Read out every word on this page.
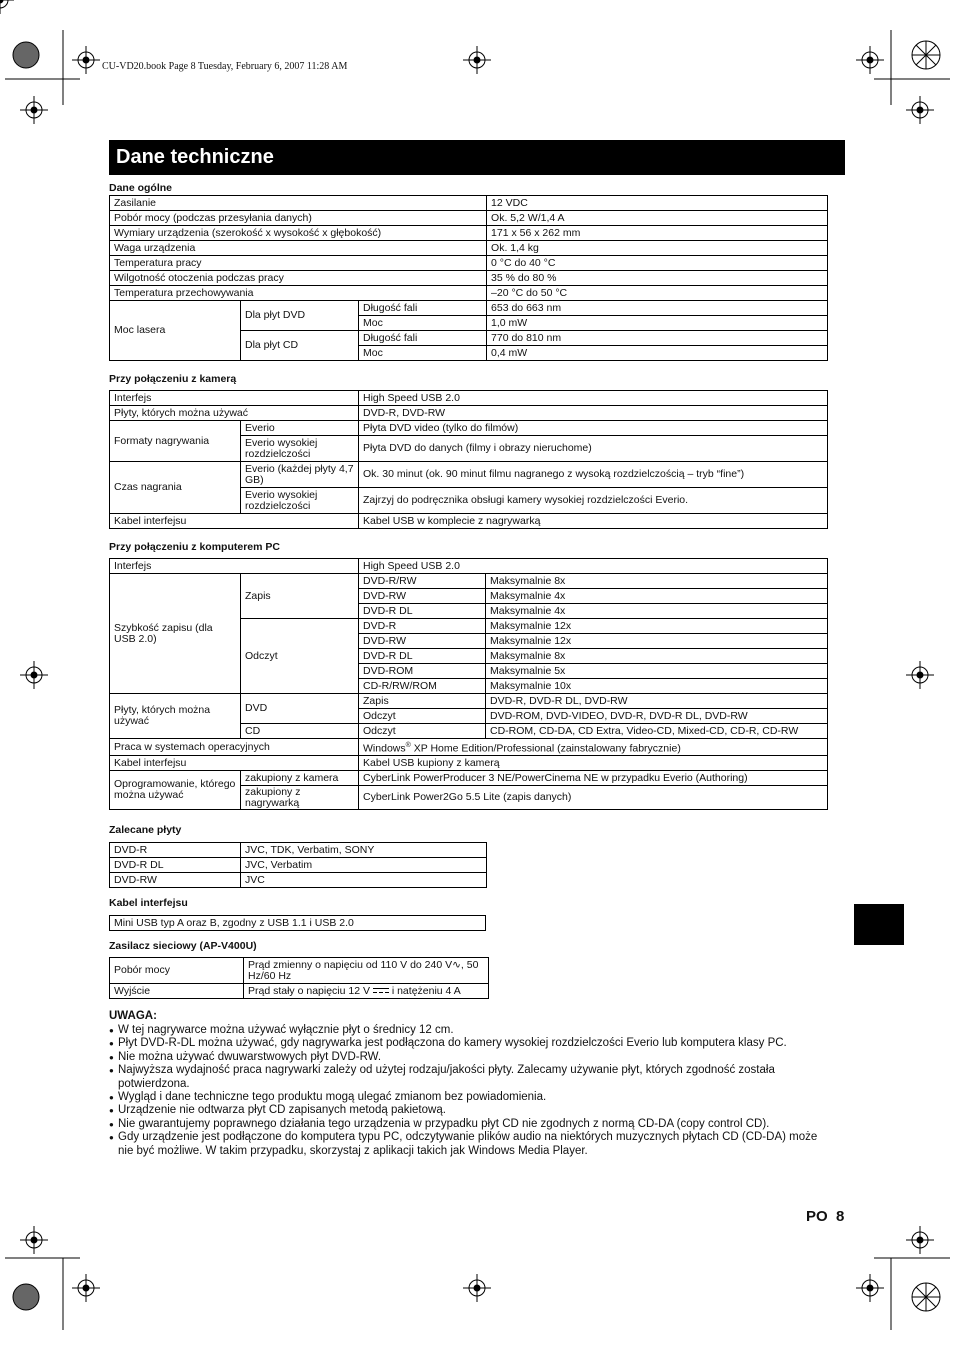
CU-VD20.book Page 8 Tuesday, February 6, 2007 11:28 AM
Dane techniczne
Dane ogólne
Zasilanie			12 VDC
Pobór mocy (podczas przesyłania danych)			Ok. 5,2 W/1,4 A
Wymiary urządzenia (szerokość x wysokość x głębokość)			171 x 56 x 262 mm
Waga urządzenia			Ok. 1,4 kg
Temperatura pracy			0 °C do 40 °C
Wilgotność otoczenia podczas pracy			35 % do 80 %
Temperatura przechowywania			–20 °C do 50 °C
Moc lasera	Dla płyt DVD	Długość fali	653 do 663 nm
		Moc	1,0 mW
	Dla płyt CD	Długość fali	770 do 810 nm
		Moc	0,4 mW
Przy połączeniu z kamerą
Interfejs		High Speed USB 2.0
Płyty, których można używać		DVD-R, DVD-RW
Formaty nagrywania	Everio	Płyta DVD video (tylko do filmów)
	Everio wysokiej rozdzielczości	Płyta DVD do danych (filmy i obrazy nieruchome)
Czas nagrania	Everio (każdej płyty 4,7 GB)	Ok. 30 minut (ok. 90 minut filmu nagranego z wysoką rozdzielczością – tryb “fine”)
	Everio wysokiej rozdzielczości	Zajrzyj do podręcznika obsługi kamery wysokiej rozdzielczości Everio.
Kabel interfejsu		Kabel USB w komplecie z nagrywarką
Przy połączeniu z komputerem PC
Interfejs		High Speed USB 2.0	
Szybkość zapisu (dla USB 2.0)	Zapis	DVD-R/RW	Maksymalnie 8x
		DVD-RW	Maksymalnie 4x
		DVD-R DL	Maksymalnie 4x
	Odczyt	DVD-R	Maksymalnie 12x
		DVD-RW	Maksymalnie 12x
		DVD-R DL	Maksymalnie 8x
		DVD-ROM	Maksymalnie 5x
		CD-R/RW/ROM	Maksymalnie 10x
Płyty, których można używać	DVD	Zapis	DVD-R, DVD-R DL, DVD-RW
		Odczyt	DVD-ROM, DVD-VIDEO, DVD-R, DVD-R DL, DVD-RW
	CD	Odczyt	CD-ROM, CD-DA, CD Extra, Video-CD, Mixed-CD, CD-R, CD-RW
Praca w systemach operacyjnych		Windows® XP Home Edition/Professional (zainstalowany fabrycznie)	
Kabel interfejsu		Kabel USB kupiony z kamerą	
Oprogramowanie, którego można używać	zakupiony z kamera	CyberLink PowerProducer 3 NE/PowerCinema NE w przypadku Everio (Authoring)	
	zakupiony z nagrywarką	CyberLink Power2Go 5.5 Lite (zapis danych)	
Zalecane płyty
DVD-R	JVC, TDK, Verbatim, SONY
DVD-R DL	JVC, Verbatim
DVD-RW	JVC
Kabel interfejsu
Mini USB typ A oraz B, zgodny z USB 1.1 i USB 2.0
Zasilacz sieciowy (AP-V400U)
Pobór mocy	Prąd zmienny o napięciu od 110 V do 240 V∿, 50 Hz/60 Hz
Wyjście	Prąd stały o napięciu 12 V i natężeniu 4 A
UWAGA:
● W tej nagrywarce można używać wyłącznie płyt o średnicy 12 cm.
● Płyt DVD-R-DL można używać, gdy nagrywarka jest podłączona do kamery wysokiej rozdzielczości Everio lub komputera klasy PC.
● Nie można używać dwuwarstwowych płyt DVD-RW.
● Najwyższa wydajność praca nagrywarki zależy od użytej rodzaju/jakości płyty. Zalecamy używanie płyt, których zgodność została potwierdzona.
● Wygląd i dane techniczne tego produktu mogą ulegać zmianom bez powiadomienia.
● Urządzenie nie odtwarza płyt CD zapisanych metodą pakietową.
● Nie gwarantujemy poprawnego działania tego urządzenia w przypadku płyt CD nie zgodnych z normą CD-DA (copy control CD).
● Gdy urządzenie jest podłączone do komputera typu PC, odczytywanie plików audio na niektórych muzycznych płytach CD (CD-DA) może nie być możliwe. W takim przypadku, skorzystaj z aplikacji takich jak Windows Media Player.
PO  8
